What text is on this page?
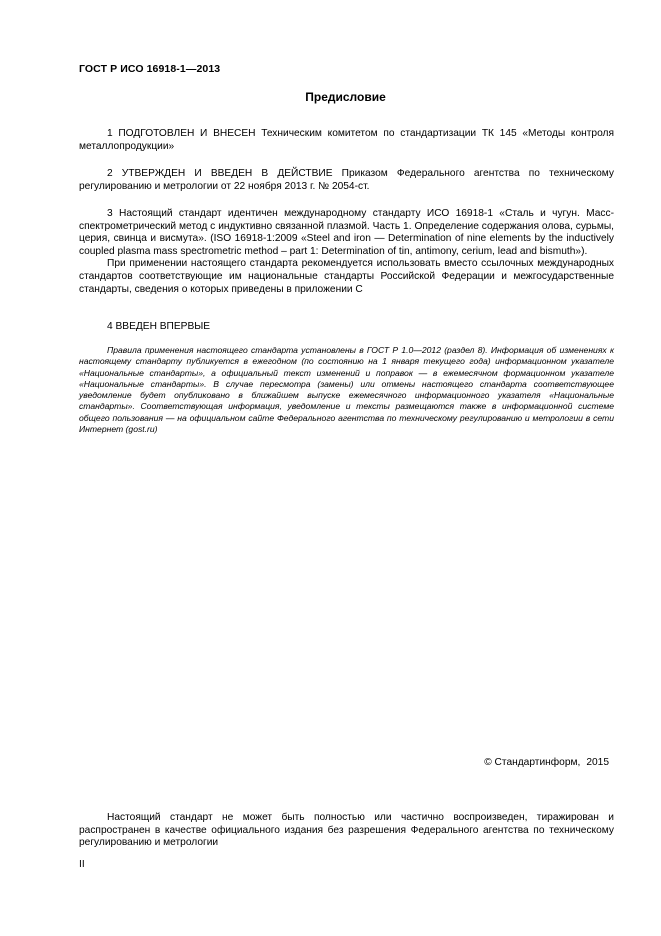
ГОСТ Р ИСО 16918-1—2013
Предисловие

1 ПОДГОТОВЛЕН И ВНЕСЕН Техническим комитетом по стандартизации ТК 145 «Методы контроля металлопродукции»

2 УТВЕРЖДЕН И ВВЕДЕН В ДЕЙСТВИЕ Приказом Федерального агентства по техническому регулированию и метрологии от 22 ноября 2013 г. № 2054-ст.

3 Настоящий стандарт идентичен международному стандарту ИСО 16918-1 «Сталь и чугун. Масс-спектрометрический метод с индуктивно связанной плазмой. Часть 1. Определение содержания олова, сурьмы, церия, свинца и висмута». (ISO 16918-1:2009 «Steel and iron — Determination of nine elements by the inductively coupled plasma mass spectrometric method – part 1: Determination of tin, antimony, cerium, lead and bismuth»).

При применении настоящего стандарта рекомендуется использовать вместо ссылочных международных стандартов соответствующие им национальные стандарты Российской Федерации и межгосударственные стандарты, сведения о которых приведены в приложении С

4 ВВЕДЕН ВПЕРВЫЕ

Правила применения настоящего стандарта установлены в ГОСТ Р 1.0—2012 (раздел 8). Информация об изменениях к настоящему стандарту публикуется в ежегодном (по состоянию на 1 января текущего года) информационном указателе «Национальные стандарты», а официальный текст изменений и поправок — в ежемесячном формационном указателе «Национальные стандарты». В случае пересмотра (замены) или отмены настоящего стандарта соответствующее уведомление будет опубликовано в ближайшем выпуске ежемесячного информационного указателя «Национальные стандарты». Соответствующая информация, уведомление и тексты размещаются также в информационной системе общего пользования — на официальном сайте Федерального агентства по техническому регулированию и метрологии в сети Интернет (gost.ru)

© Стандартинформ, 2015

Настоящий стандарт не может быть полностью или частично воспроизведен, тиражирован и распространен в качестве официального издания без разрешения Федерального агентства по техническому регулированию и метрологии

II
